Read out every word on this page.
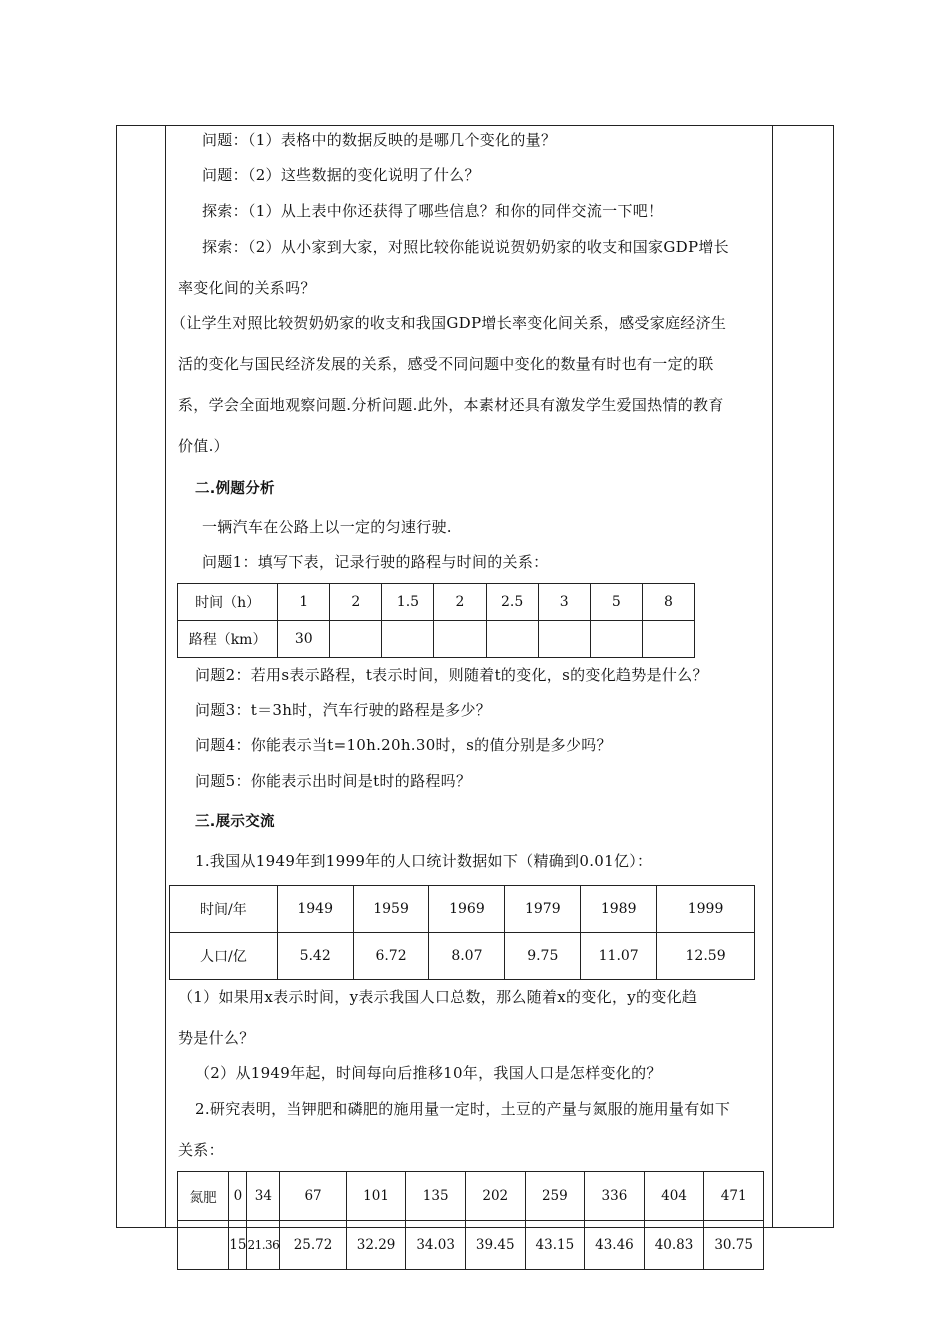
问题：（1）表格中的数据反映的是哪几个变化的量？
问题：（2）这些数据的变化说明了什么？
探索：（1）从上表中你还获得了哪些信息？和你的同伴交流一下吧！
探索：（2）从小家到大家，对照比较你能说说贺奶奶家的收支和国家GDP增长
率变化间的关系吗？
（让学生对照比较贺奶奶家的收支和我国GDP增长率变化间关系，感受家庭经济生
活的变化与国民经济发展的关系，感受不同问题中变化的数量有时也有一定的联
系，学会全面地观察问题.分析问题.此外，本素材还具有激发学生爱国热情的教育
价值.）
二.例题分析
一辆汽车在公路上以一定的匀速行驶.
问题1：填写下表，记录行驶的路程与时间的关系：
时间（h）	1	2	1.5	2	2.5	3	5	8
路程（km）	30							
问题2：若用s表示路程，t表示时间，则随着t的变化，s的变化趋势是什么？
问题3：t＝3h时，汽车行驶的路程是多少？
问题4：你能表示当t=10h.20h.30时，s的值分别是多少吗？
问题5：你能表示出时间是t时的路程吗？
三.展示交流
1.我国从1949年到1999年的人口统计数据如下（精确到0.01亿）：
时间/年	1949	1959	1969	1979	1989	1999
人口/亿	5.42	6.72	8.07	9.75	11.07	12.59
（1）如果用x表示时间，y表示我国人口总数，那么随着x的变化，y的变化趋
势是什么？
（2）从1949年起，时间每向后推移10年，我国人口是怎样变化的？
2.研究表明，当钾肥和磷肥的施用量一定时，土豆的产量与氮服的施用量有如下
关系：
氮肥	0	34	67	101	135	202	259	336	404	471
	15	21.36	25.72	32.29	34.03	39.45	43.15	43.46	40.83	30.75
